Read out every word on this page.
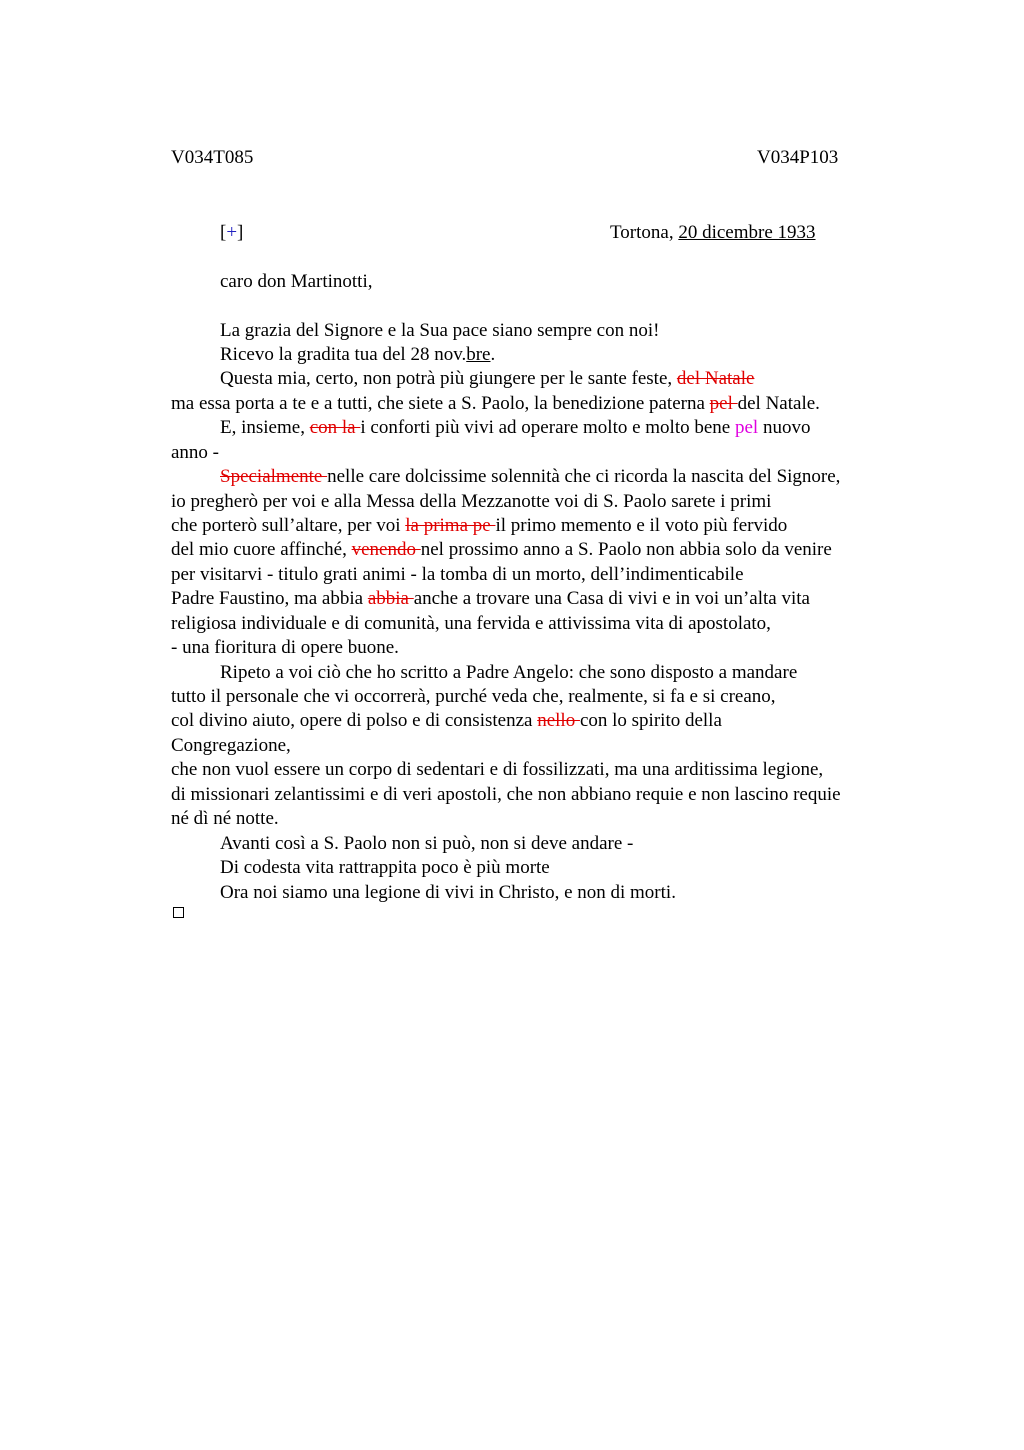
V034T085	V034P103
[+]	Tortona, 20 dicembre 1933
caro don Martinotti,
La grazia del Signore e la Sua pace siano sempre con noi!
Ricevo la gradita tua del 28 nov.bre.
Questa mia, certo, non potrà più giungere per le sante feste, del Natale
ma essa porta a te e a tutti, che siete a S. Paolo, la benedizione paterna pel del Natale.
E, insieme, con la i conforti più vivi ad operare molto e molto bene pel nuovo
anno -
Specialmente nelle care dolcissime solennità che ci ricorda la nascita del Signore,
io pregherò per voi e alla Messa della Mezzanotte voi di S. Paolo sarete i primi
che porterò sull’altare, per voi la prima pe il primo memento e il voto più fervido
del mio cuore affinché, venendo nel prossimo anno a S. Paolo non abbia solo da venire
per visitarvi - titulo grati animi - la tomba di un morto, dell’indimenticabile
Padre Faustino, ma abbia abbia anche a trovare una Casa di vivi e in voi un’alta vita
religiosa individuale e di comunità, una fervida e attivissima vita di apostolato,
- una fioritura di opere buone.
Ripeto a voi ciò che ho scritto a Padre Angelo: che sono disposto a mandare
tutto il personale che vi occorrerà, purché veda che, realmente, si fa e si creano,
col divino aiuto, opere di polso e di consistenza nello con lo spirito della
Congregazione,
che non vuol essere un corpo di sedentari e di fossilizzati, ma una arditissima legione,
di missionari zelantissimi e di veri apostoli, che non abbiano requie e non lascino requie
né dì né notte.
Avanti così a S. Paolo non si può, non si deve andare -
Di codesta vita rattrappita poco è più morte
Ora noi siamo una legione di vivi in Christo, e non di morti.
